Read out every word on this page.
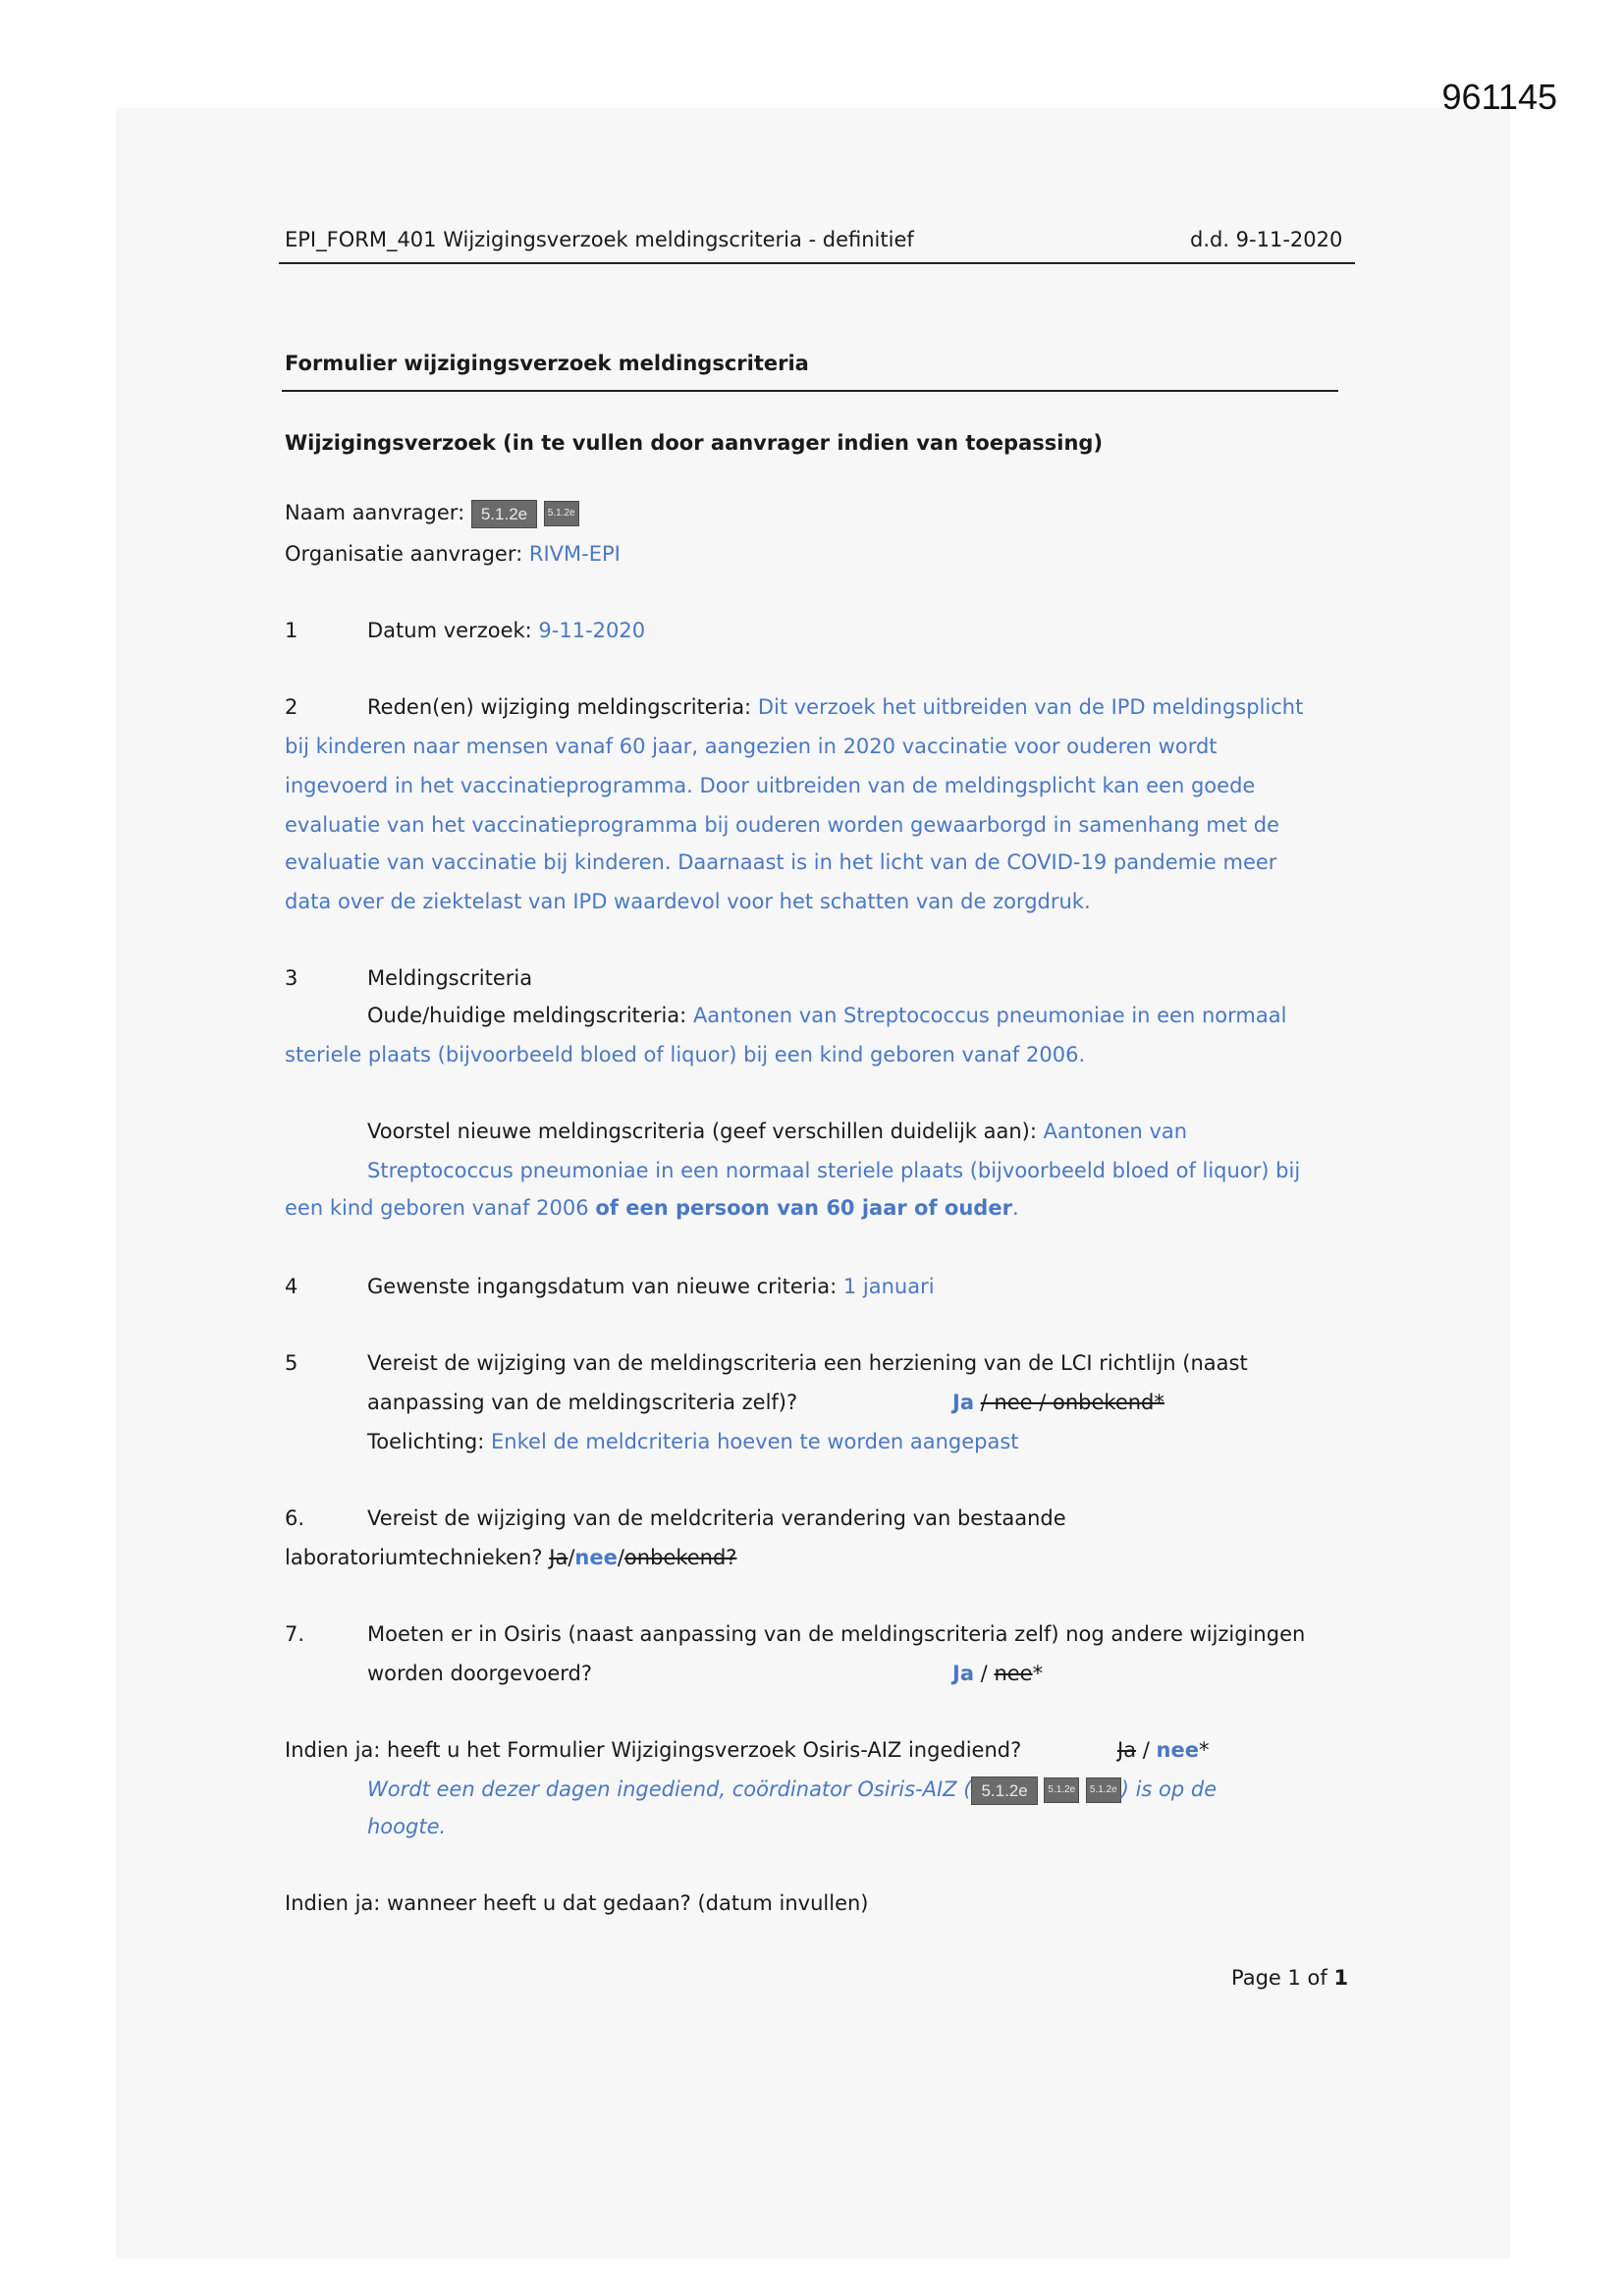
961145
EPI_FORM_401 Wijzigingsverzoek meldingscriteria - definitief	d.d. 9-11-2020
Formulier wijzigingsverzoek meldingscriteria
Wijzigingsverzoek (in te vullen door aanvrager indien van toepassing)
Naam aanvrager: 5.1.2e 5.1.2e
Organisatie aanvrager: RIVM-EPI
1	Datum verzoek: 9-11-2020
2	Reden(en) wijziging meldingscriteria: Dit verzoek het uitbreiden van de IPD meldingsplicht
bij kinderen naar mensen vanaf 60 jaar, aangezien in 2020 vaccinatie voor ouderen wordt
ingevoerd in het vaccinatieprogramma. Door uitbreiden van de meldingsplicht kan een goede
evaluatie van het vaccinatieprogramma bij ouderen worden gewaarborgd in samenhang met de
evaluatie van vaccinatie bij kinderen. Daarnaast is in het licht van de COVID-19 pandemie meer
data over de ziektelast van IPD waardevol voor het schatten van de zorgdruk.
3	Meldingscriteria
Oude/huidige meldingscriteria: Aantonen van Streptococcus pneumoniae in een normaal
steriele plaats (bijvoorbeeld bloed of liquor) bij een kind geboren vanaf 2006.
Voorstel nieuwe meldingscriteria (geef verschillen duidelijk aan): Aantonen van
Streptococcus pneumoniae in een normaal steriele plaats (bijvoorbeeld bloed of liquor) bij
een kind geboren vanaf 2006 of een persoon van 60 jaar of ouder.
4	Gewenste ingangsdatum van nieuwe criteria: 1 januari
5	Vereist de wijziging van de meldingscriteria een herziening van de LCI richtlijn (naast
aanpassing van de meldingscriteria zelf)?	Ja / nee / onbekend*
Toelichting: Enkel de meldcriteria hoeven te worden aangepast
6.	Vereist de wijziging van de meldcriteria verandering van bestaande
laboratoriumtechnieken? Ja/nee/onbekend?
7.	Moeten er in Osiris (naast aanpassing van de meldingscriteria zelf) nog andere wijzigingen
worden doorgevoerd?	Ja / nee*
Indien ja: heeft u het Formulier Wijzigingsverzoek Osiris-AIZ ingediend?	Ja / nee*
Wordt een dezer dagen ingediend, coördinator Osiris-AIZ ( 5.1.2e 5.1.2e 5.1.2e ) is op de
hoogte.
Indien ja: wanneer heeft u dat gedaan? (datum invullen)
Page 1 of 1
